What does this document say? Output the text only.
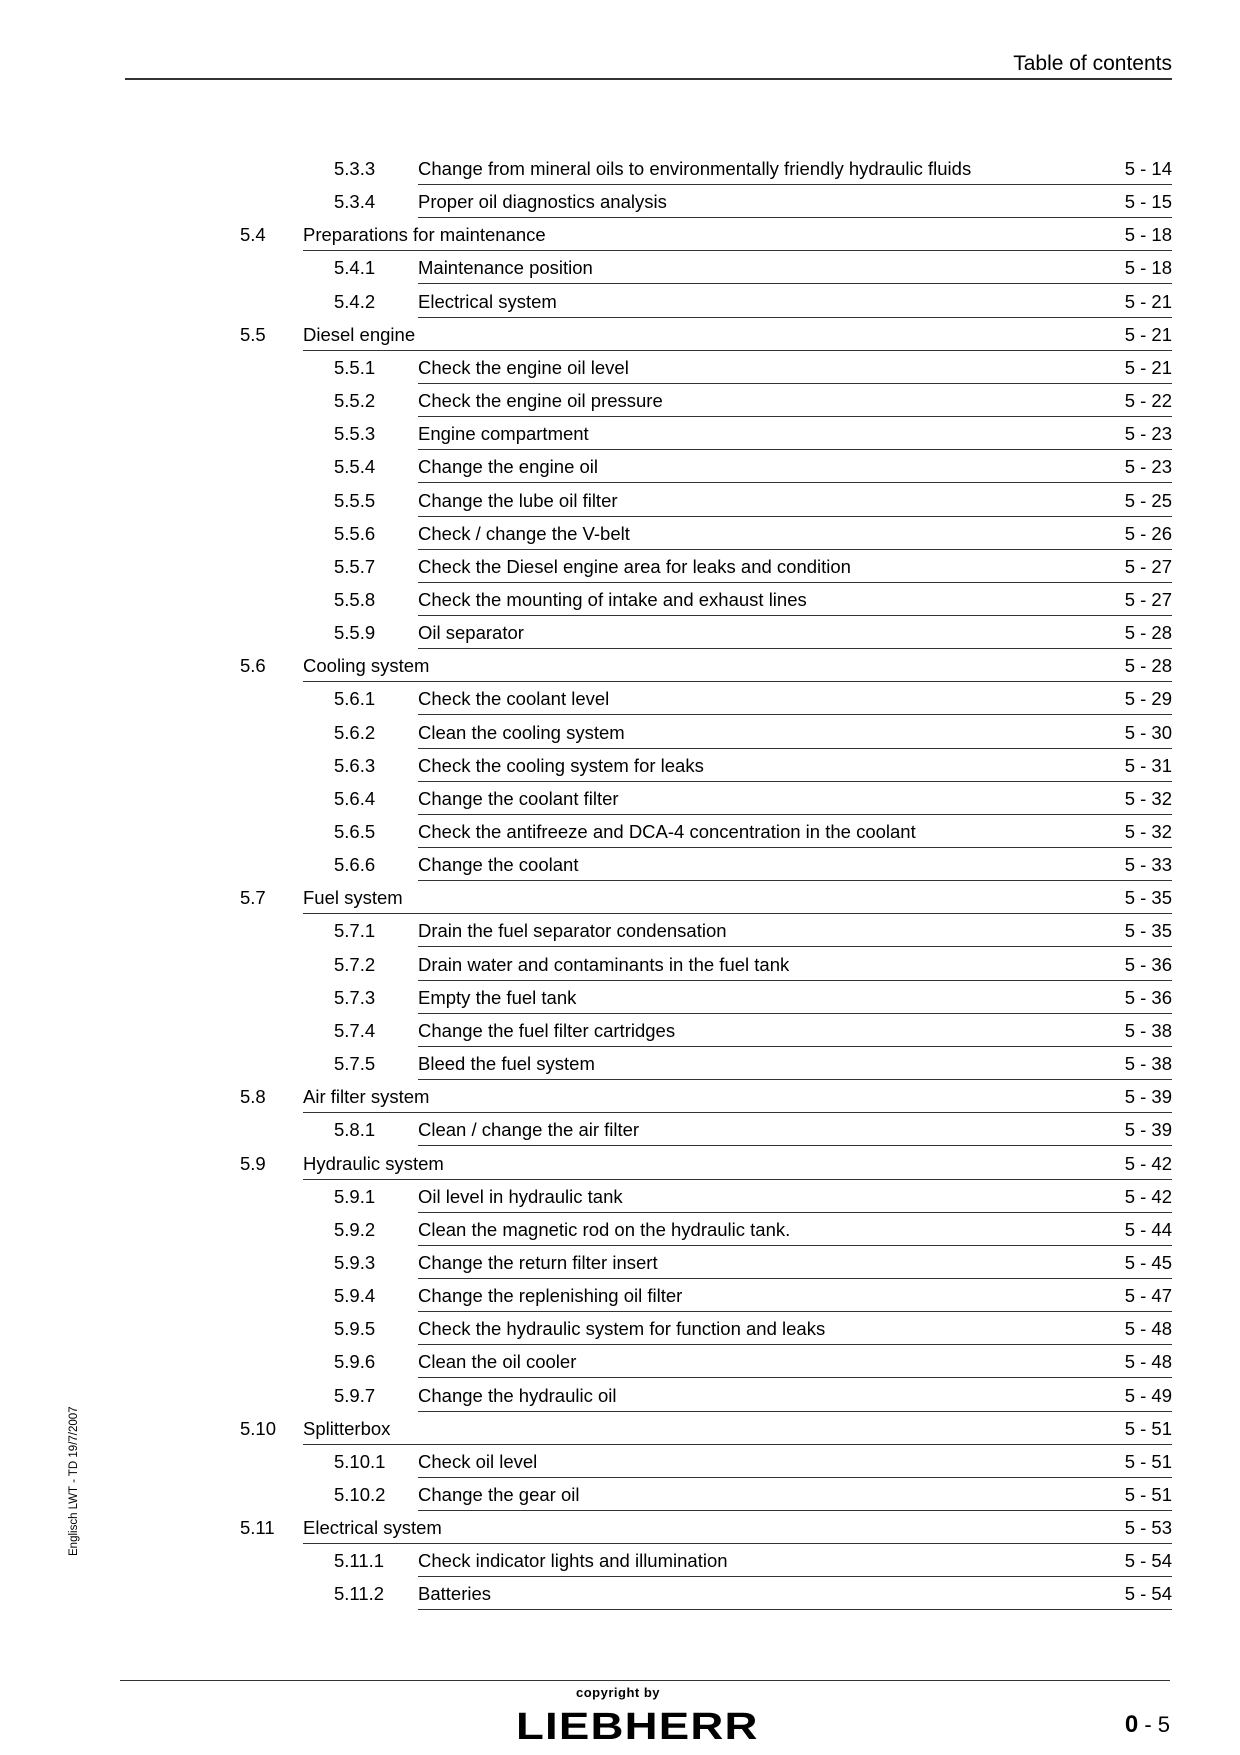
Table of contents
5.3.3 Change from mineral oils to environmentally friendly hydraulic fluids	5 - 14
5.3.4 Proper oil diagnostics analysis	5 - 15
5.4 Preparations for maintenance	5 - 18
5.4.1 Maintenance position	5 - 18
5.4.2 Electrical system	5 - 21
5.5 Diesel engine	5 - 21
5.5.1 Check the engine oil level	5 - 21
5.5.2 Check the engine oil pressure	5 - 22
5.5.3 Engine compartment	5 - 23
5.5.4 Change the engine oil	5 - 23
5.5.5 Change the lube oil filter	5 - 25
5.5.6 Check / change the V-belt	5 - 26
5.5.7 Check the Diesel engine area for leaks and condition	5 - 27
5.5.8 Check the mounting of intake and exhaust lines	5 - 27
5.5.9 Oil separator	5 - 28
5.6 Cooling system	5 - 28
5.6.1 Check the coolant level	5 - 29
5.6.2 Clean the cooling system	5 - 30
5.6.3 Check the cooling system for leaks	5 - 31
5.6.4 Change the coolant filter	5 - 32
5.6.5 Check the antifreeze and DCA-4 concentration in the coolant	5 - 32
5.6.6 Change the coolant	5 - 33
5.7 Fuel system	5 - 35
5.7.1 Drain the fuel separator condensation	5 - 35
5.7.2 Drain water and contaminants in the fuel tank	5 - 36
5.7.3 Empty the fuel tank	5 - 36
5.7.4 Change the fuel filter cartridges	5 - 38
5.7.5 Bleed the fuel system	5 - 38
5.8 Air filter system	5 - 39
5.8.1 Clean / change the air filter	5 - 39
5.9 Hydraulic system	5 - 42
5.9.1 Oil level in hydraulic tank	5 - 42
5.9.2 Clean the magnetic rod on the hydraulic tank.	5 - 44
5.9.3 Change the return filter insert	5 - 45
5.9.4 Change the replenishing oil filter	5 - 47
5.9.5 Check the hydraulic system for function and leaks	5 - 48
5.9.6 Clean the oil cooler	5 - 48
5.9.7 Change the hydraulic oil	5 - 49
5.10 Splitterbox	5 - 51
5.10.1 Check oil level	5 - 51
5.10.2 Change the gear oil	5 - 51
5.11 Electrical system	5 - 53
5.11.1 Check indicator lights and illumination	5 - 54
5.11.2 Batteries	5 - 54
Englisch LWT - TD 19/7/2007
copyright by
LIEBHERR	0 - 5
